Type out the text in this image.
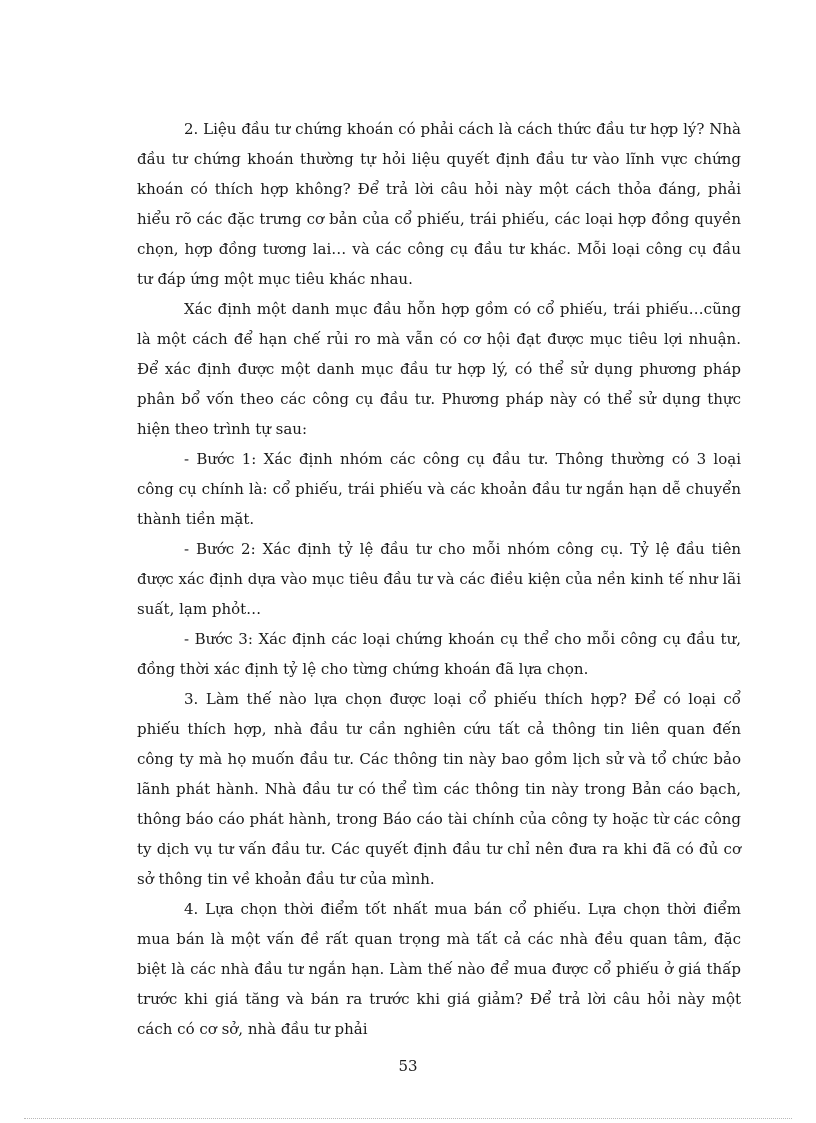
2. Liệu đầu tư chứng khoán có phải cách là cách thức đầu tư hợp lý? Nhà đầu tư chứng khoán thường tự hỏi liệu quyết định đầu tư vào lĩnh vực chứng khoán có thích hợp không? Để trả lời câu hỏi này một cách thỏa đáng, phải hiểu rõ các đặc trưng cơ bản của cổ phiếu, trái phiếu, các loại hợp đồng quyền chọn, hợp đồng tương lai… và các công cụ đầu tư khác. Mỗi loại công cụ đầu tư đáp ứng một mục tiêu khác nhau.

Xác định một danh mục đầu hỗn hợp gồm có cổ phiếu, trái phiếu…cũng là một cách để hạn chế rủi ro mà vẫn có cơ hội đạt được mục tiêu lợi nhuận. Để xác định được một danh mục đầu tư hợp lý, có thể sử dụng phương pháp phân bổ vốn theo các công cụ đầu tư. Phương pháp này có thể sử dụng thực hiện theo trình tự sau:

- Bước 1: Xác định nhóm các công cụ đầu tư. Thông thường có 3 loại công cụ chính là: cổ phiếu, trái phiếu và các khoản đầu tư ngắn hạn dễ chuyển thành tiền mặt.

- Bước 2: Xác định tỷ lệ đầu tư cho mỗi nhóm công cụ. Tỷ lệ đầu tiên được xác định dựa vào mục tiêu đầu tư và các điều kiện của nền kinh tế như lãi suất, lạm phỏt…

- Bước 3: Xác định các loại chứng khoán cụ thể cho mỗi công cụ đầu tư, đồng thời xác định tỷ lệ cho từng chứng khoán đã lựa chọn.

3. Làm thế nào lựa chọn được loại cổ phiếu thích hợp? Để có loại cổ phiếu thích hợp, nhà đầu tư cần nghiên cứu tất cả thông tin liên quan đến công ty mà họ muốn đầu tư. Các thông tin này bao gồm lịch sử và tổ chức bảo lãnh phát hành. Nhà đầu tư có thể tìm các thông tin này trong Bản cáo bạch, thông báo cáo phát hành, trong Báo cáo tài chính của công ty hoặc từ các công ty dịch vụ tư vấn đầu tư. Các quyết định đầu tư chỉ nên đưa ra khi đã có đủ cơ sở thông tin về khoản đầu tư của mình.

4. Lựa chọn thời điểm tốt nhất mua bán cổ phiếu. Lựa chọn thời điểm mua bán là một vấn đề rất quan trọng mà tất cả các nhà đều quan tâm, đặc biệt là các nhà đầu tư ngắn hạn. Làm thế nào để mua được cổ phiếu ở giá thấp trước khi giá tăng và bán ra trước khi giá giảm? Để trả lời câu hỏi này một cách có cơ sở, nhà đầu tư phải

53
